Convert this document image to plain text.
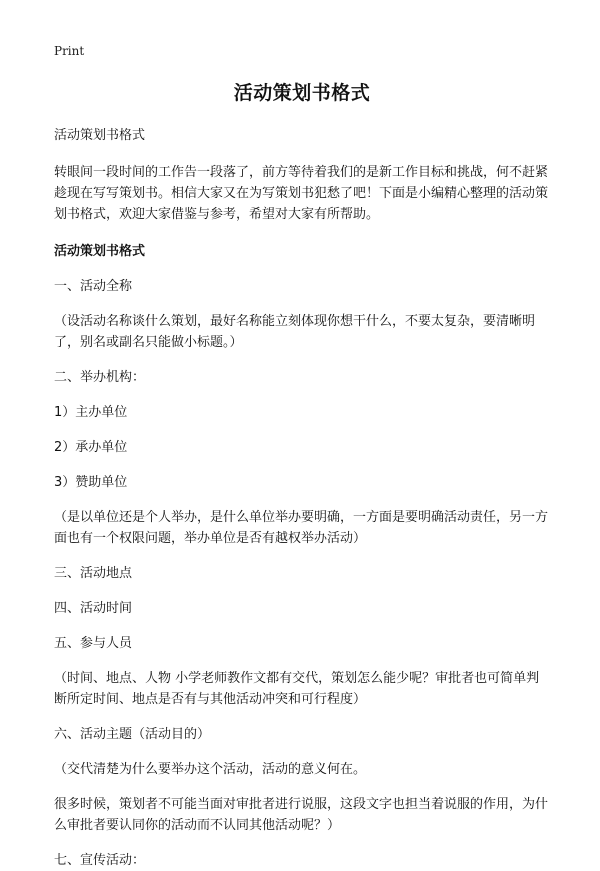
Print
活动策划书格式

活动策划书格式

转眼间一段时间的工作告一段落了，前方等待着我们的是新工作目标和挑战，何不赶紧趁现在写写策划书。相信大家又在为写策划书犯愁了吧！下面是小编精心整理的活动策划书格式，欢迎大家借鉴与参考，希望对大家有所帮助。

活动策划书格式

一、活动全称

（设活动名称谈什么策划，最好名称能立刻体现你想干什么，不要太复杂，要清晰明了，别名或副名只能做小标题。）

二、举办机构：

1）主办单位

2）承办单位

3）赞助单位

（是以单位还是个人举办，是什么单位举办要明确，一方面是要明确活动责任，另一方面也有一个权限问题，举办单位是否有越权举办活动）

三、活动地点

四、活动时间

五、参与人员

（时间、地点、人物 小学老师教作文都有交代，策划怎么能少呢？审批者也可简单判断所定时间、地点是否有与其他活动冲突和可行程度）

六、活动主题（活动目的）

（交代清楚为什么要举办这个活动，活动的意义何在。

很多时候，策划者不可能当面对审批者进行说服，这段文字也担当着说服的作用，为什么审批者要认同你的活动而不认同其他活动呢？）

七、宣传活动：
